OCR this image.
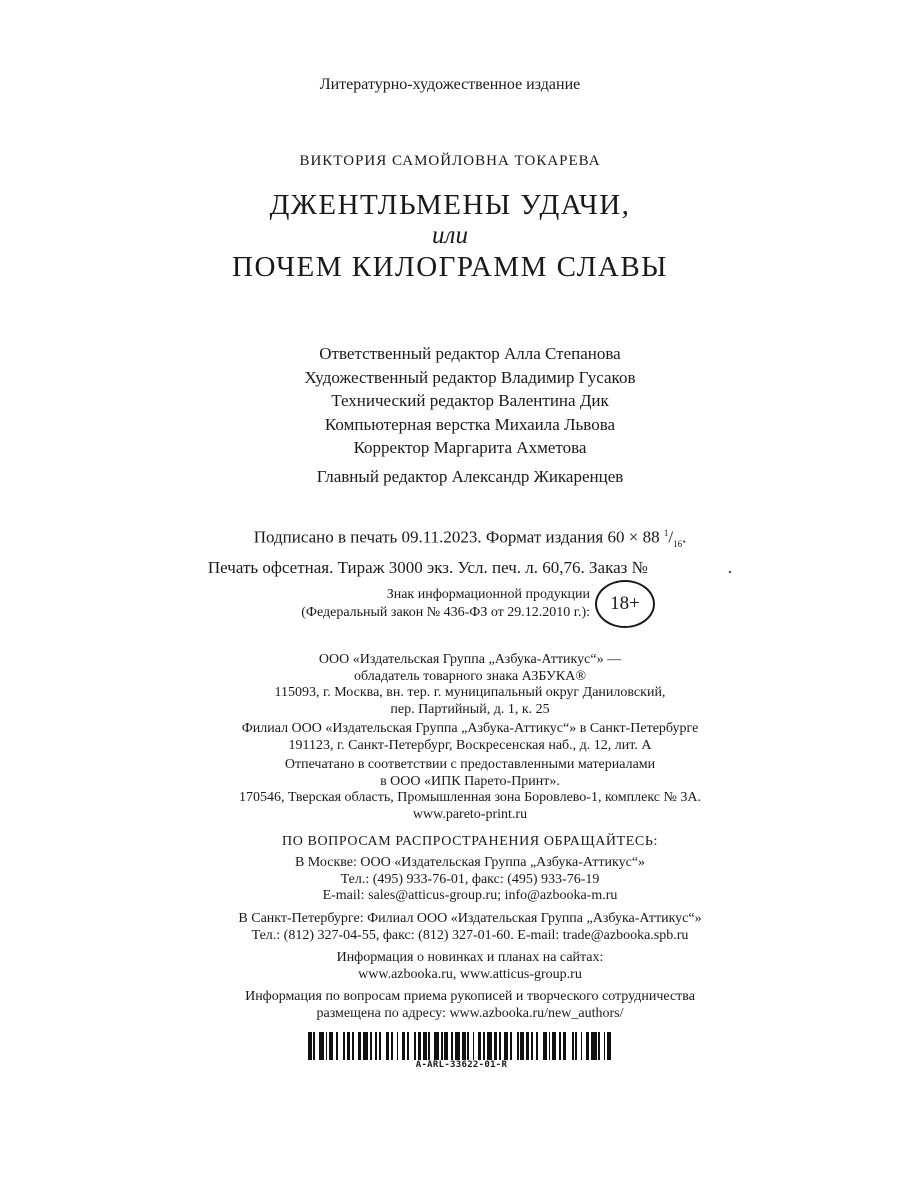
Литературно-художественное издание
ВИКТОРИЯ САМОЙЛОВНА ТОКАРЕВА
ДЖЕНТЛЬМЕНЫ УДАЧИ,
или
ПОЧЕМ КИЛОГРАММ СЛАВЫ
Ответственный редактор Алла Степанова
Художественный редактор Владимир Гусаков
Технический редактор Валентина Дик
Компьютерная верстка Михаила Львова
Корректор Маргарита Ахметова
Главный редактор Александр Жикаренцев
Подписано в печать 09.11.2023. Формат издания 60 × 88 $^1/_{16}$.
Печать офсетная. Тираж 3000 экз. Усл. печ. л. 60,76. Заказ №	.
Знак информационной продукции
(Федеральный закон № 436-ФЗ от 29.12.2010 г.):	18+
ООО «Издательская Группа „Азбука-Аттикус“» —
обладатель товарного знака АЗБУКА®
115093, г. Москва, вн. тер. г. муниципальный округ Даниловский,
пер. Партийный, д. 1, к. 25
Филиал ООО «Издательская Группа „Азбука-Аттикус“» в Санкт-Петербурге
191123, г. Санкт-Петербург, Воскресенская наб., д. 12, лит. А
Отпечатано в соответствии с предоставленными материалами
в ООО «ИПК Парето-Принт».
170546, Тверская область, Промышленная зона Боровлево-1, комплекс № 3А.
www.pareto-print.ru
ПО ВОПРОСАМ РАСПРОСТРАНЕНИЯ ОБРАЩАЙТЕСЬ:
В Москве: ООО «Издательская Группа „Азбука-Аттикус“»
Тел.: (495) 933-76-01, факс: (495) 933-76-19
E-mail: sales@atticus-group.ru; info@azbooka-m.ru
В Санкт-Петербурге: Филиал ООО «Издательская Группа „Азбука-Аттикус“»
Тел.: (812) 327-04-55, факс: (812) 327-01-60. E-mail: trade@azbooka.spb.ru
Информация о новинках и планах на сайтах:
www.azbooka.ru, www.atticus-group.ru
Информация по вопросам приема рукописей и творческого сотрудничества
размещена по адресу: www.azbooka.ru/new_authors/
A-ARL-33622-01-R
